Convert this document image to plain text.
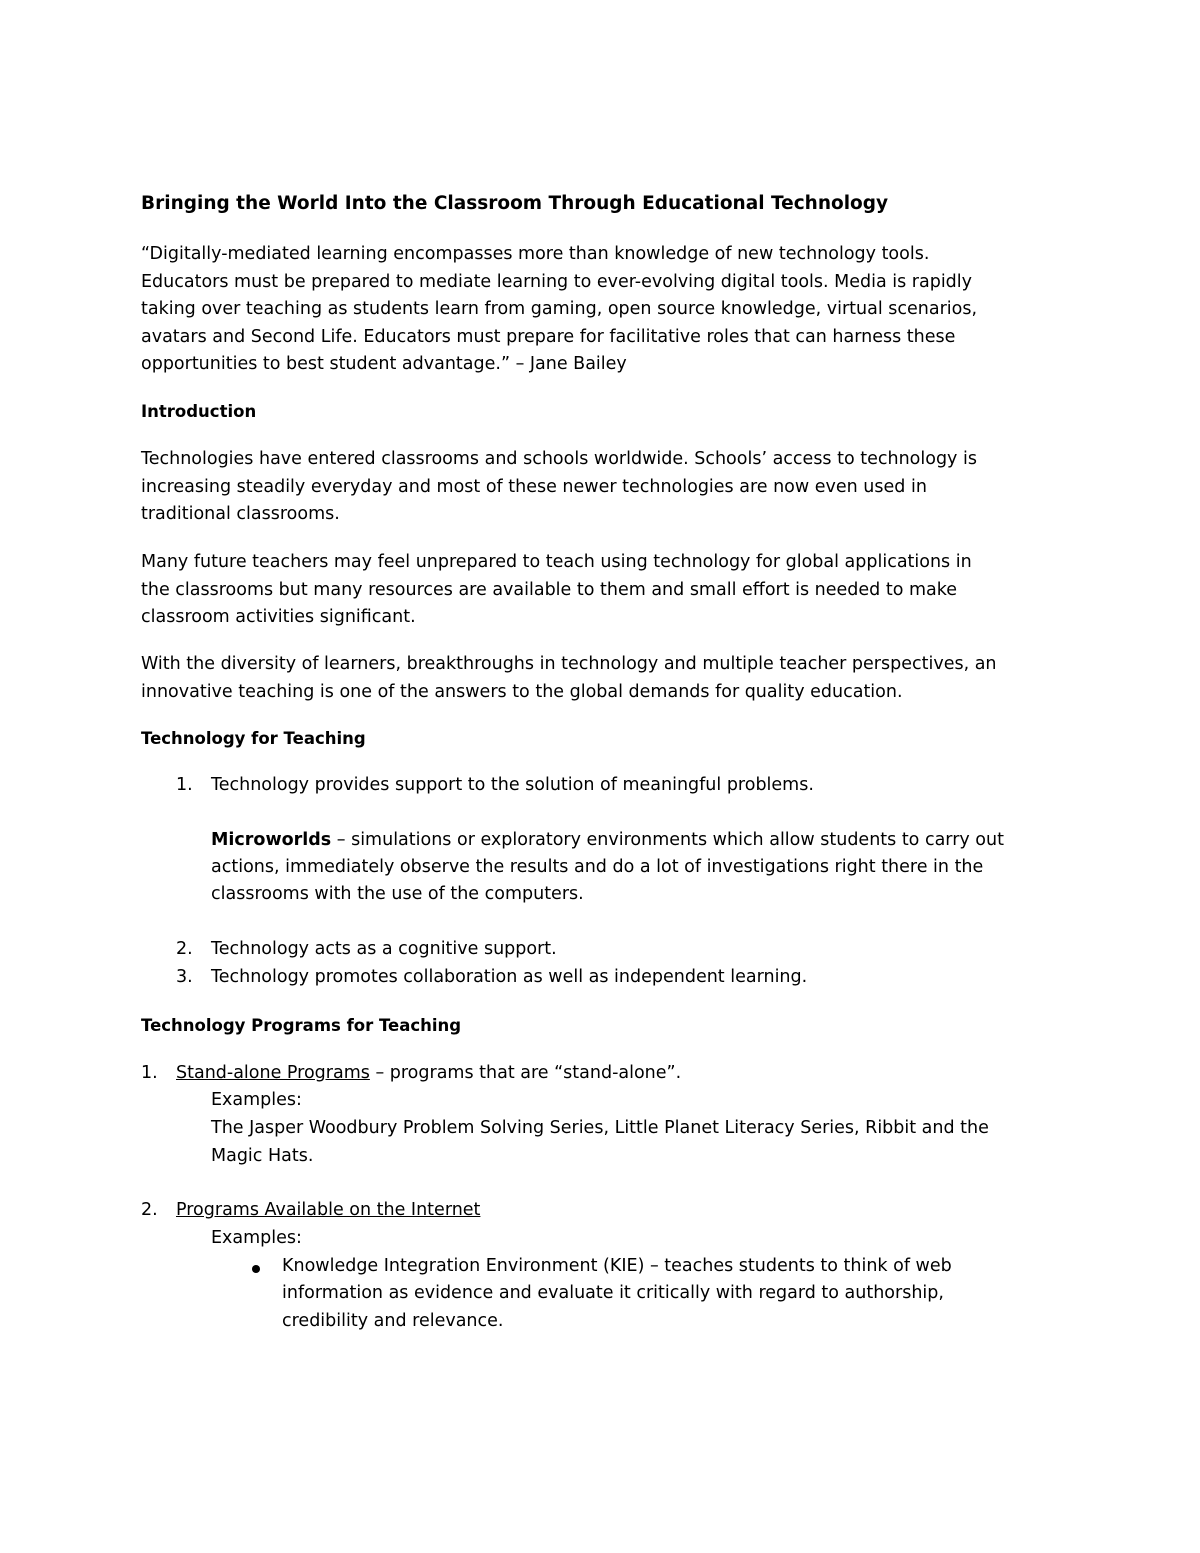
Bringing the World Into the Classroom Through Educational Technology
“Digitally-mediated learning encompasses more than knowledge of new technology tools.
Educators must be prepared to mediate learning to ever-evolving digital tools. Media is rapidly
taking over teaching as students learn from gaming, open source knowledge, virtual scenarios,
avatars and Second Life. Educators must prepare for facilitative roles that can harness these
opportunities to best student advantage.” – Jane Bailey
Introduction
Technologies have entered classrooms and schools worldwide. Schools’ access to technology is
increasing steadily everyday and most of these newer technologies are now even used in
traditional classrooms.
Many future teachers may feel unprepared to teach using technology for global applications in
the classrooms but many resources are available to them and small effort is needed to make
classroom activities significant.
With the diversity of learners, breakthroughs in technology and multiple teacher perspectives, an
innovative teaching is one of the answers to the global demands for quality education.
Technology for Teaching
1. Technology provides support to the solution of meaningful problems.
Microworlds – simulations or exploratory environments which allow students to carry out
actions, immediately observe the results and do a lot of investigations right there in the
classrooms with the use of the computers.
2. Technology acts as a cognitive support.
3. Technology promotes collaboration as well as independent learning.
Technology Programs for Teaching
1. Stand-alone Programs – programs that are “stand-alone”.
Examples:
The Jasper Woodbury Problem Solving Series, Little Planet Literacy Series, Ribbit and the
Magic Hats.
2. Programs Available on the Internet
Examples:
Knowledge Integration Environment (KIE) – teaches students to think of web
information as evidence and evaluate it critically with regard to authorship,
credibility and relevance.
